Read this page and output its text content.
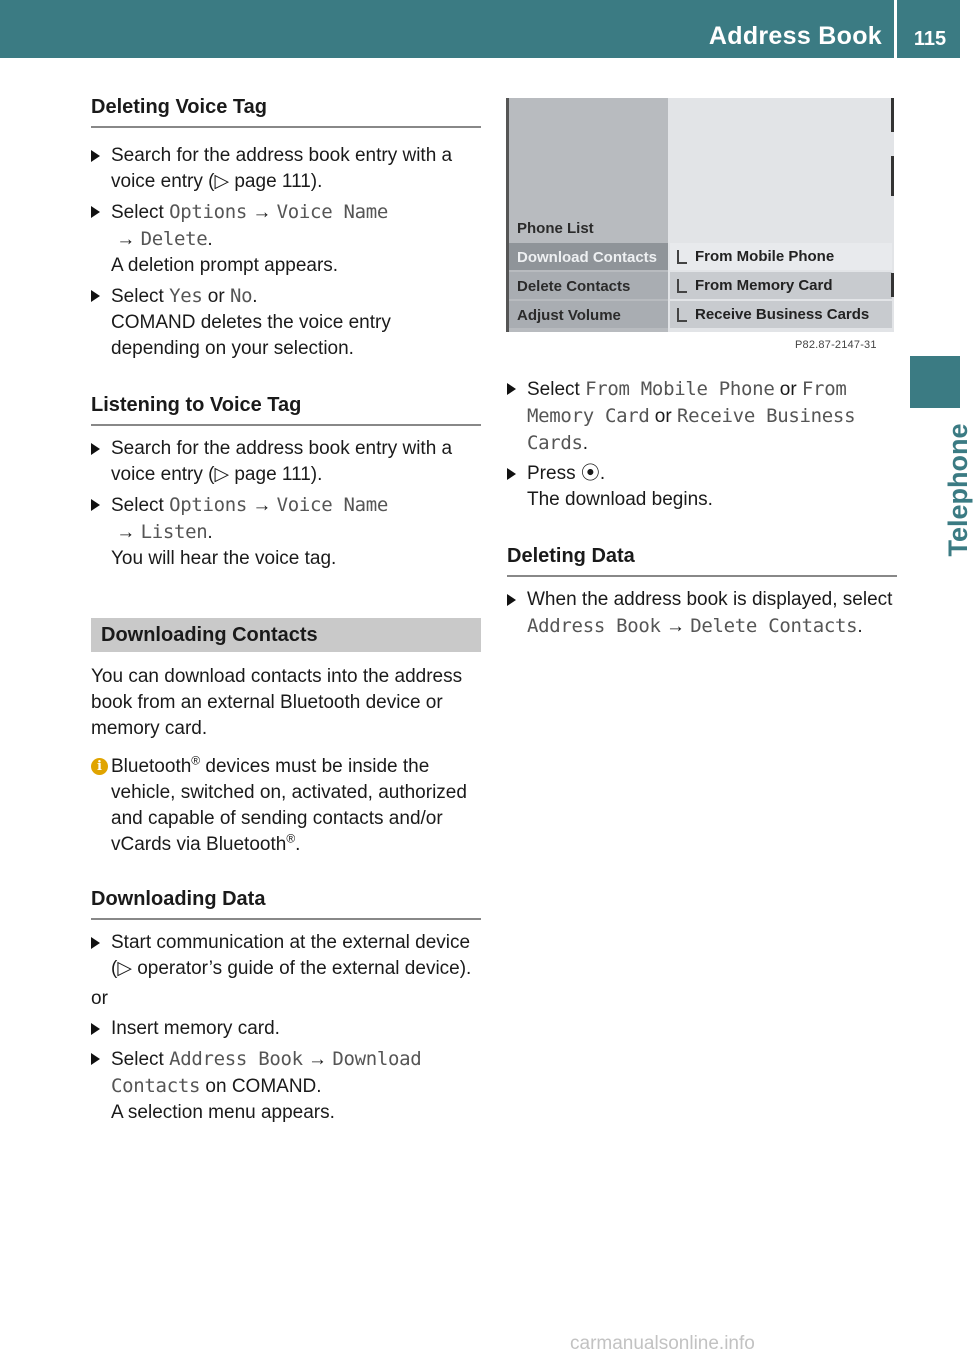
Address Book	115
Telephone
Deleting Voice Tag
Search for the address book entry with a
voice entry (▷ page 111).
Select Options → Voice Name
→ Delete.
A deletion prompt appears.
Select Yes or No.
COMAND deletes the voice entry
depending on your selection.
Listening to Voice Tag
Search for the address book entry with a
voice entry (▷ page 111).
Select Options → Voice Name
→ Listen.
You will hear the voice tag.
Downloading Contacts
You can download contacts into the address
book from an external Bluetooth device or
memory card.
i Bluetooth® devices must be inside the
vehicle, switched on, activated, authorized
and capable of sending contacts and/or
vCards via Bluetooth®.
Downloading Data
Start communication at the external device
(▷ operator’s guide of the external device).
or
Insert memory card.
Select Address Book → Download
Contacts on COMAND.
A selection menu appears.
Phone List
Download Contacts
Delete Contacts
Adjust Volume
From Mobile Phone
From Memory Card
Receive Business Cards
P82.87-2147-31
Select From Mobile Phone or From
Memory Card or Receive Business
Cards.
Press ⦿.
The download begins.
Deleting Data
When the address book is displayed, select
Address Book → Delete Contacts.
carmanualsonline.info
